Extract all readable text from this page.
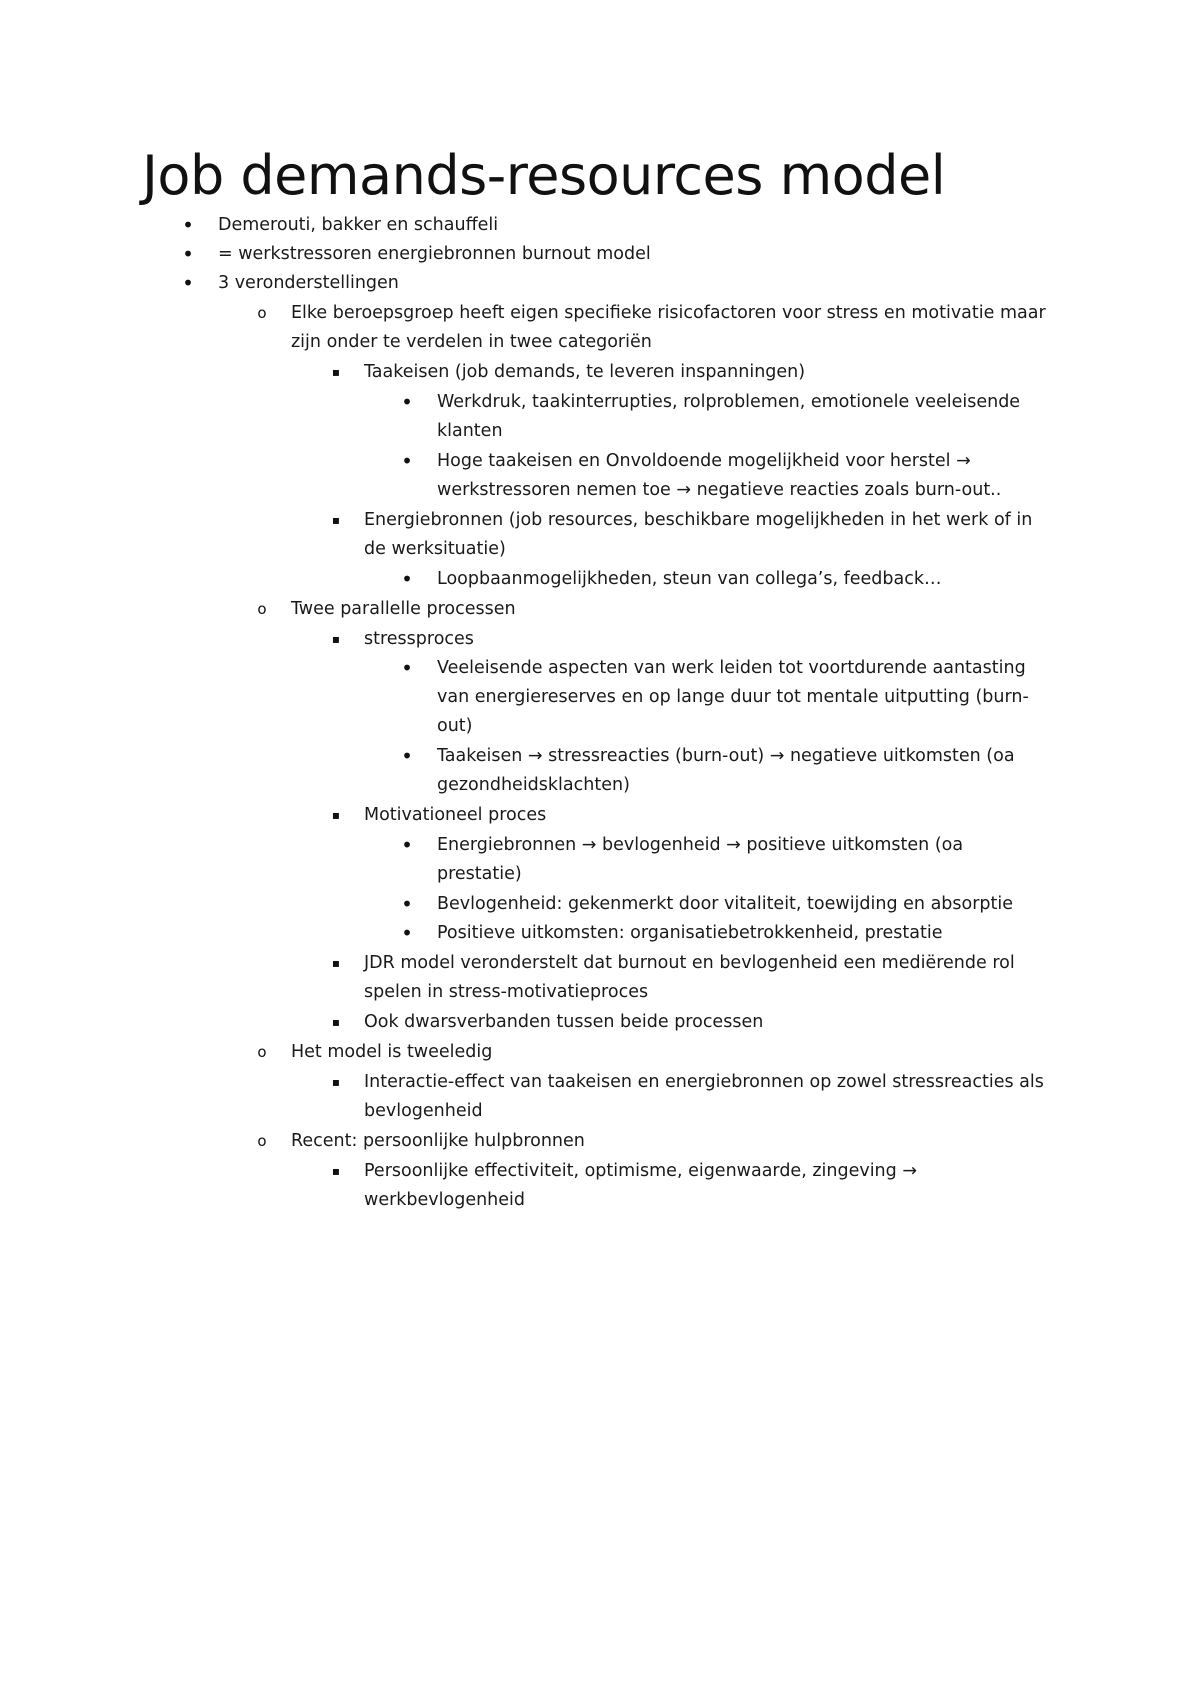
Job demands-resources model
• Demerouti, bakker en schauffeli
• = werkstressoren energiebronnen burnout model
• 3 veronderstellingen
o	Elke beroepsgroep heeft eigen specifieke risicofactoren voor stress en motivatie maar
zijn onder te verdelen in twee categoriën
▪	Taakeisen (job demands, te leveren inspanningen)
• Werkdruk, taakinterrupties, rolproblemen, emotionele veeleisende
klanten
• Hoge taakeisen en Onvoldoende mogelijkheid voor herstel →
werkstressoren nemen toe → negatieve reacties zoals burn-out..
▪	Energiebronnen (job resources, beschikbare mogelijkheden in het werk of in
de werksituatie)
• Loopbaanmogelijkheden, steun van collega’s, feedback…
o	Twee parallelle processen
▪	stressproces
• Veeleisende aspecten van werk leiden tot voortdurende aantasting
van energiereserves en op lange duur tot mentale uitputting (burn-
out)
• Taakeisen → stressreacties (burn-out) → negatieve uitkomsten (oa
gezondheidsklachten)
▪	Motivationeel proces
• Energiebronnen → bevlogenheid → positieve uitkomsten (oa
prestatie)
• Bevlogenheid: gekenmerkt door vitaliteit, toewijding en absorptie
• Positieve uitkomsten: organisatiebetrokkenheid, prestatie
▪	JDR model veronderstelt dat burnout en bevlogenheid een mediërende rol
spelen in stress-motivatieproces
▪	Ook dwarsverbanden tussen beide processen
o	Het model is tweeledig
▪	Interactie-effect van taakeisen en energiebronnen op zowel stressreacties als
bevlogenheid
o	Recent: persoonlijke hulpbronnen
▪	Persoonlijke effectiviteit, optimisme, eigenwaarde, zingeving →
werkbevlogenheid
